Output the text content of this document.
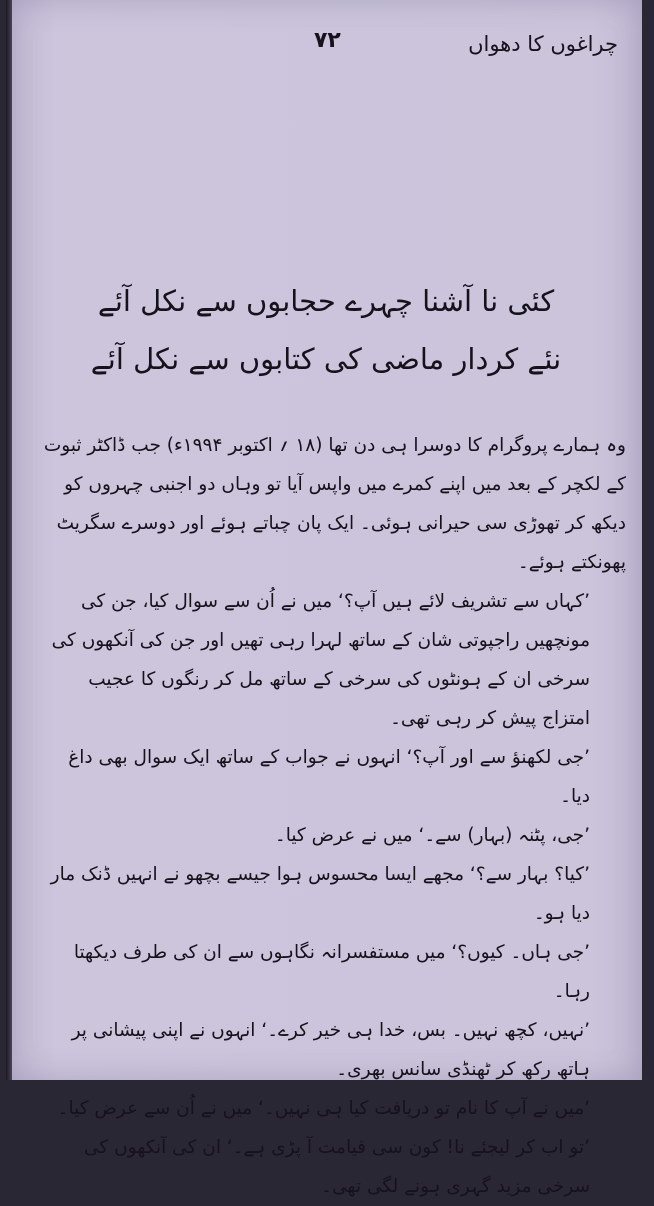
چراغوں کا دھواں
۷۲
کئی نا آشنا چہرے حجابوں سے نکل آئے
نئے کردار ماضی کی کتابوں سے نکل آئے

وہ ہمارے پروگرام کا دوسرا ہی دن تھا (۱۸ ؍ اکتوبر ۱۹۹۴ء) جب ڈاکٹر ثبوت کے لکچر کے بعد میں اپنے کمرے میں واپس آیا تو وہاں دو اجنبی چہروں کو دیکھ کر تھوڑی سی حیرانی ہوئی۔ ایک پان چباتے ہوئے اور دوسرے سگریٹ پھونکتے ہوئے۔

’کہاں سے تشریف لائے ہیں آپ؟‘ میں نے اُن سے سوال کیا، جن کی مونچھیں راجپوتی شان کے ساتھ لہرا رہی تھیں اور جن کی آنکھوں کی سرخی ان کے ہونٹوں کی سرخی کے ساتھ مل کر رنگوں کا عجیب امتزاج پیش کر رہی تھی۔

’جی لکھنؤ سے اور آپ؟‘ انہوں نے جواب کے ساتھ ایک سوال بھی داغ دیا۔

’جی، پٹنہ (بہار) سے۔‘ میں نے عرض کیا۔

’کیا؟ بہار سے؟‘ مجھے ایسا محسوس ہوا جیسے بچھو نے انہیں ڈنک مار دیا ہو۔

’جی ہاں۔ کیوں؟‘ میں مستفسرانہ نگاہوں سے ان کی طرف دیکھتا رہا۔

’نہیں، کچھ نہیں۔ بس، خدا ہی خیر کرے۔‘ انہوں نے اپنی پیشانی پر ہاتھ رکھ کر ٹھنڈی سانس بھری۔

’میں نے آپ کا نام تو دریافت کیا ہی نہیں۔‘ میں نے اُن سے عرض کیا۔

’تو اب کر لیجئے نا! کون سی قیامت آ پڑی ہے۔‘ ان کی آنکھوں کی سرخی مزید گہری ہونے لگی تھی۔
